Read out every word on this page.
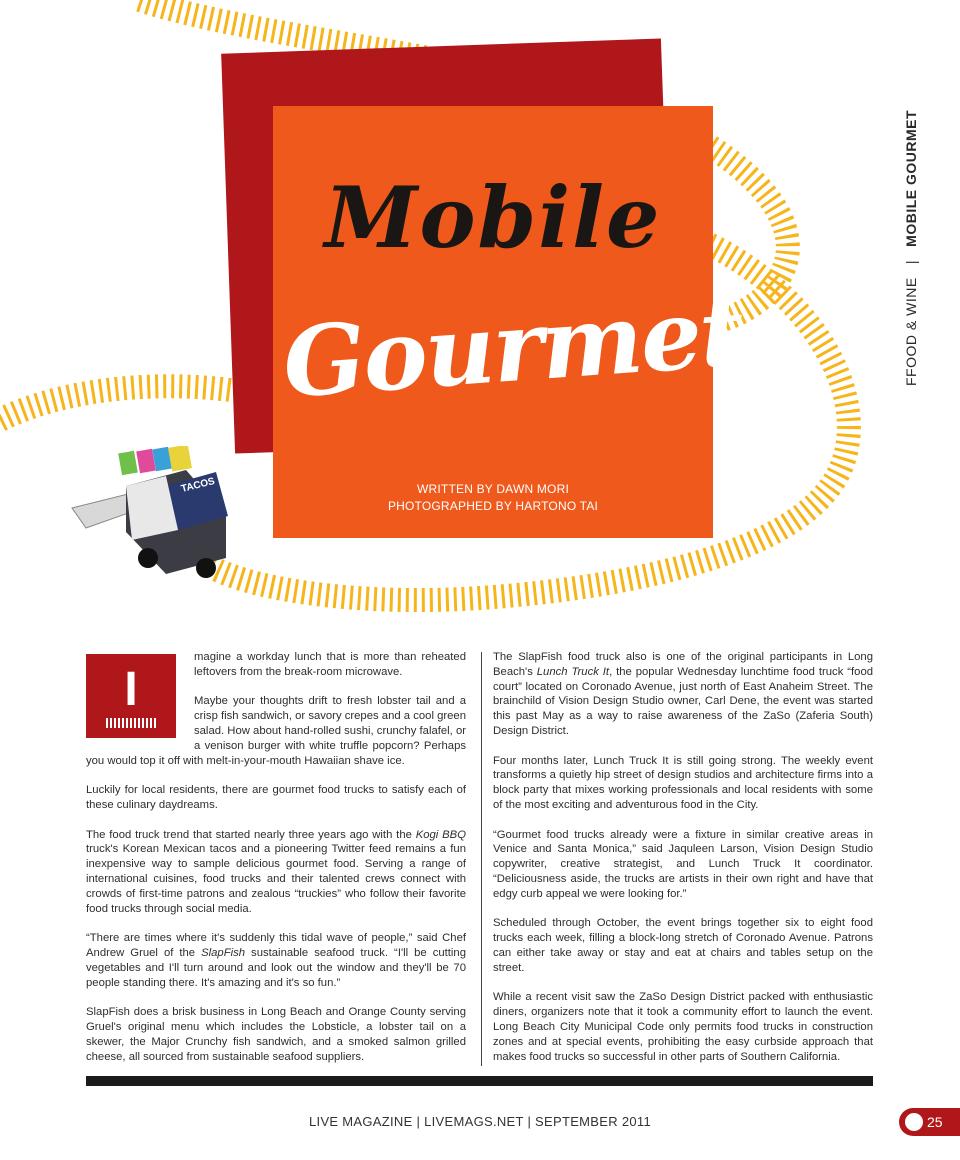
Mobile
Gourmet
WRITTEN BY DAWN MORI
PHOTOGRAPHED BY HARTONO TAI
TACOS
FFOOD & WINE   |   MOBILE GOURMET
I

magine a workday lunch that is more than reheated leftovers from the break-room microwave.

Maybe your thoughts drift to fresh lobster tail and a crisp fish sandwich, or savory crepes and a cool green salad. How about hand-rolled sushi, crunchy falafel, or a venison burger with white truffle popcorn? Perhaps you would top it off with melt-in-your-mouth Hawaiian shave ice.

Luckily for local residents, there are gourmet food trucks to satisfy each of these culinary daydreams.

The food truck trend that started nearly three years ago with the Kogi BBQ truck's Korean Mexican tacos and a pioneering Twitter feed remains a fun inexpensive way to sample delicious gourmet food. Serving a range of international cuisines, food trucks and their talented crews connect with crowds of first-time patrons and zealous “truckies” who follow their favorite food trucks through social media.

“There are times where it's suddenly this tidal wave of people,” said Chef Andrew Gruel of the SlapFish sustainable seafood truck. “I'll be cutting vegetables and I'll turn around and look out the window and they'll be 70 people standing there. It's amazing and it's so fun.”

SlapFish does a brisk business in Long Beach and Orange County serving Gruel's original menu which includes the Lobsticle, a lobster tail on a skewer, the Major Crunchy fish sandwich, and a smoked salmon grilled cheese, all sourced from sustainable seafood suppliers.

The SlapFish food truck also is one of the original participants in Long Beach's Lunch Truck It, the popular Wednesday lunchtime food truck “food court” located on Coronado Avenue, just north of East Anaheim Street. The brainchild of Vision Design Studio owner, Carl Dene, the event was started this past May as a way to raise awareness of the ZaSo (Zaferia South) Design District.

Four months later, Lunch Truck It is still going strong. The weekly event transforms a quietly hip street of design studios and architecture firms into a block party that mixes working professionals and local residents with some of the most exciting and adventurous food in the City.

“Gourmet food trucks already were a fixture in similar creative areas in Venice and Santa Monica,” said Jaquleen Larson, Vision Design Studio copywriter, creative strategist, and Lunch Truck It coordinator. “Deliciousness aside, the trucks are artists in their own right and have that edgy curb appeal we were looking for.”

Scheduled through October, the event brings together six to eight food trucks each week, filling a block-long stretch of Coronado Avenue. Patrons can either take away or stay and eat at chairs and tables setup on the street.

While a recent visit saw the ZaSo Design District packed with enthusiastic diners, organizers note that it took a community effort to launch the event. Long Beach City Municipal Code only permits food trucks in construction zones and at special events, prohibiting the easy curbside approach that makes food trucks so successful in other parts of Southern California.

LIVE MAGAZINE | LIVEMAGS.NET | SEPTEMBER 2011	25
